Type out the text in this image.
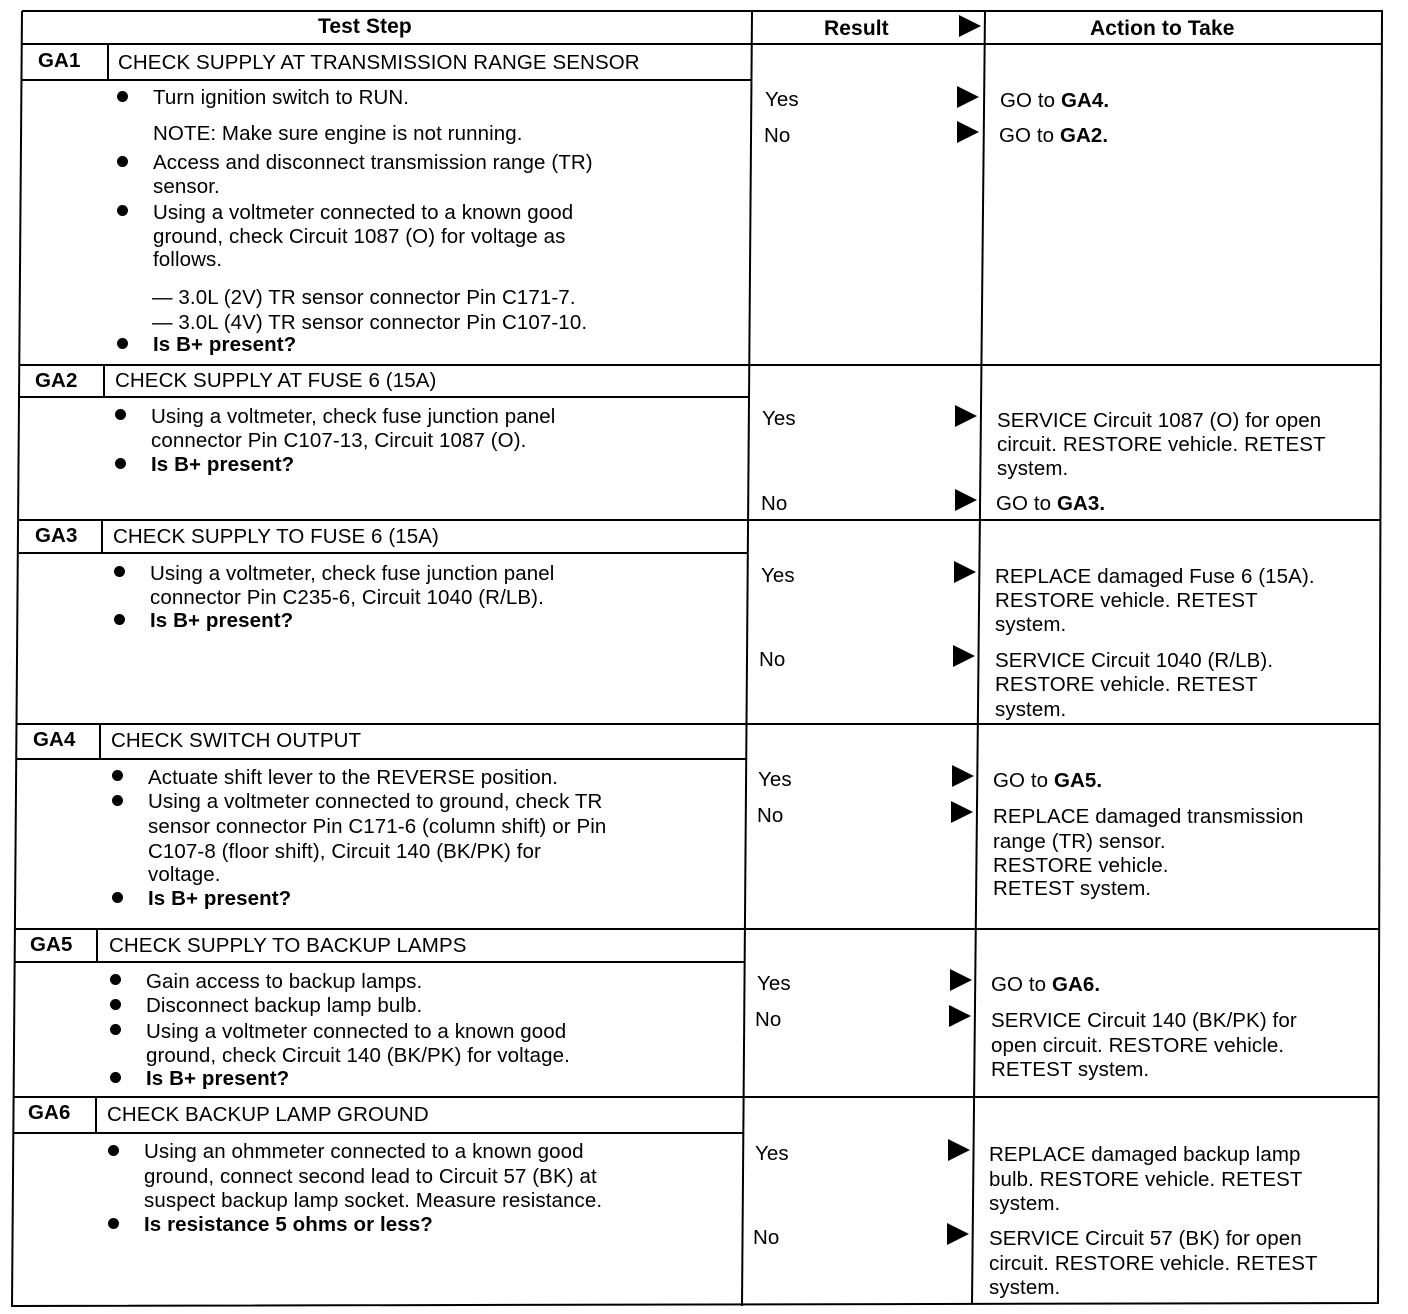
Test Step	Result	Action to Take
GA1 CHECK SUPPLY AT TRANSMISSION RANGE SENSOR
Turn ignition switch to RUN.
NOTE: Make sure engine is not running.
Access and disconnect transmission range (TR)
sensor.
Using a voltmeter connected to a known good
ground, check Circuit 1087 (O) for voltage as
follows.
— 3.0L (2V) TR sensor connector Pin C171-7.
— 3.0L (4V) TR sensor connector Pin C107-10.
Is B+ present?
Yes	GO to GA4.
No	GO to GA2.
GA2 CHECK SUPPLY AT FUSE 6 (15A)
Using a voltmeter, check fuse junction panel
connector Pin C107-13, Circuit 1087 (O).
Is B+ present?
Yes	SERVICE Circuit 1087 (O) for open
circuit. RESTORE vehicle. RETEST
system.
No	GO to GA3.
GA3 CHECK SUPPLY TO FUSE 6 (15A)
Using a voltmeter, check fuse junction panel
connector Pin C235-6, Circuit 1040 (R/LB).
Is B+ present?
Yes	REPLACE damaged Fuse 6 (15A).
RESTORE vehicle. RETEST
system.
No	SERVICE Circuit 1040 (R/LB).
RESTORE vehicle. RETEST
system.
GA4 CHECK SWITCH OUTPUT
Actuate shift lever to the REVERSE position.
Using a voltmeter connected to ground, check TR
sensor connector Pin C171-6 (column shift) or Pin
C107-8 (floor shift), Circuit 140 (BK/PK) for
voltage.
Is B+ present?
Yes	GO to GA5.
No	REPLACE damaged transmission
range (TR) sensor.
RESTORE vehicle.
RETEST system.
GA5 CHECK SUPPLY TO BACKUP LAMPS
Gain access to backup lamps.
Disconnect backup lamp bulb.
Using a voltmeter connected to a known good
ground, check Circuit 140 (BK/PK) for voltage.
Is B+ present?
Yes	GO to GA6.
No	SERVICE Circuit 140 (BK/PK) for
open circuit. RESTORE vehicle.
RETEST system.
GA6 CHECK BACKUP LAMP GROUND
Using an ohmmeter connected to a known good
ground, connect second lead to Circuit 57 (BK) at
suspect backup lamp socket. Measure resistance.
Is resistance 5 ohms or less?
Yes	REPLACE damaged backup lamp
bulb. RESTORE vehicle. RETEST
system.
No	SERVICE Circuit 57 (BK) for open
circuit. RESTORE vehicle. RETEST
system.
